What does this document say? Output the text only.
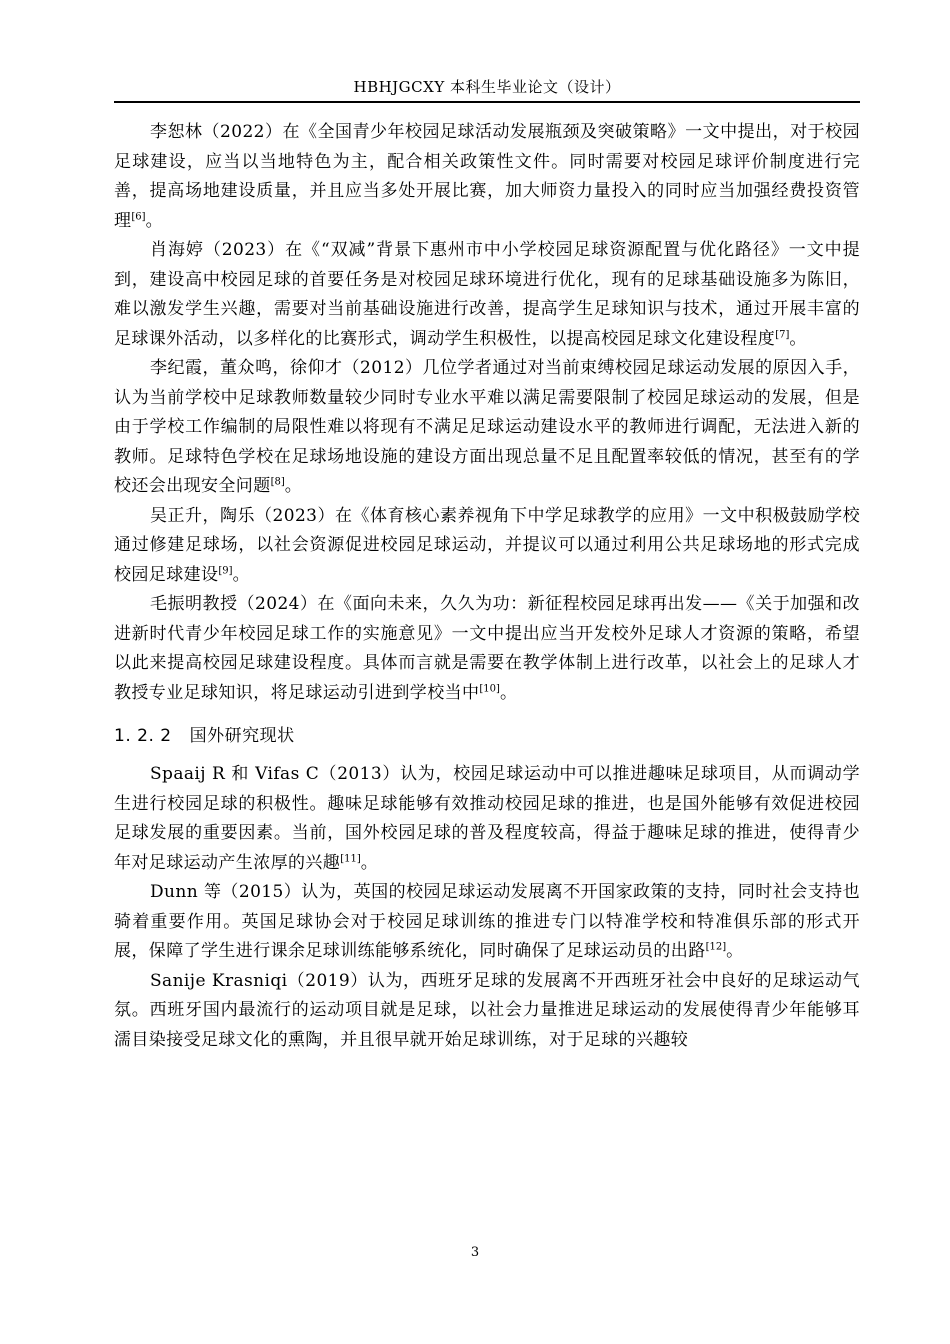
HBHJGCXY 本科生毕业论文（设计）

李恕林（2022）在《全国青少年校园足球活动发展瓶颈及突破策略》一文中提出，对于校园足球建设，应当以当地特色为主，配合相关政策性文件。同时需要对校园足球评价制度进行完善，提高场地建设质量，并且应当多处开展比赛，加大师资力量投入的同时应当加强经费投资管理[6]。

肖海婷（2023）在《“双减”背景下惠州市中小学校园足球资源配置与优化路径》一文中提到，建设高中校园足球的首要任务是对校园足球环境进行优化，现有的足球基础设施多为陈旧，难以激发学生兴趣，需要对当前基础设施进行改善，提高学生足球知识与技术，通过开展丰富的足球课外活动，以多样化的比赛形式，调动学生积极性，以提高校园足球文化建设程度[7]。

李纪霞，董众鸣，徐仰才（2012）几位学者通过对当前束缚校园足球运动发展的原因入手，认为当前学校中足球教师数量较少同时专业水平难以满足需要限制了校园足球运动的发展，但是由于学校工作编制的局限性难以将现有不满足足球运动建设水平的教师进行调配，无法进入新的教师。足球特色学校在足球场地设施的建设方面出现总量不足且配置率较低的情况，甚至有的学校还会出现安全问题[8]。

吴正升，陶乐（2023）在《体育核心素养视角下中学足球教学的应用》一文中积极鼓励学校通过修建足球场，以社会资源促进校园足球运动，并提议可以通过利用公共足球场地的形式完成校园足球建设[9]。

毛振明教授（2024）在《面向未来，久久为功：新征程校园足球再出发——《关于加强和改进新时代青少年校园足球工作的实施意见》一文中提出应当开发校外足球人才资源的策略，希望以此来提高校园足球建设程度。具体而言就是需要在教学体制上进行改革，以社会上的足球人才教授专业足球知识，将足球运动引进到学校当中[10]。

1. 2. 2 国外研究现状

Spaaij R 和 Vifas C（2013）认为，校园足球运动中可以推进趣味足球项目，从而调动学生进行校园足球的积极性。趣味足球能够有效推动校园足球的推进，也是国外能够有效促进校园足球发展的重要因素。当前，国外校园足球的普及程度较高，得益于趣味足球的推进，使得青少年对足球运动产生浓厚的兴趣[11]。

Dunn 等（2015）认为，英国的校园足球运动发展离不开国家政策的支持，同时社会支持也骑着重要作用。英国足球协会对于校园足球训练的推进专门以特准学校和特准俱乐部的形式开展，保障了学生进行课余足球训练能够系统化，同时确保了足球运动员的出路[12]。

Sanije Krasniqi（2019）认为，西班牙足球的发展离不开西班牙社会中良好的足球运动气氛。西班牙国内最流行的运动项目就是足球，以社会力量推进足球运动的发展使得青少年能够耳濡目染接受足球文化的熏陶，并且很早就开始足球训练，对于足球的兴趣较

3
